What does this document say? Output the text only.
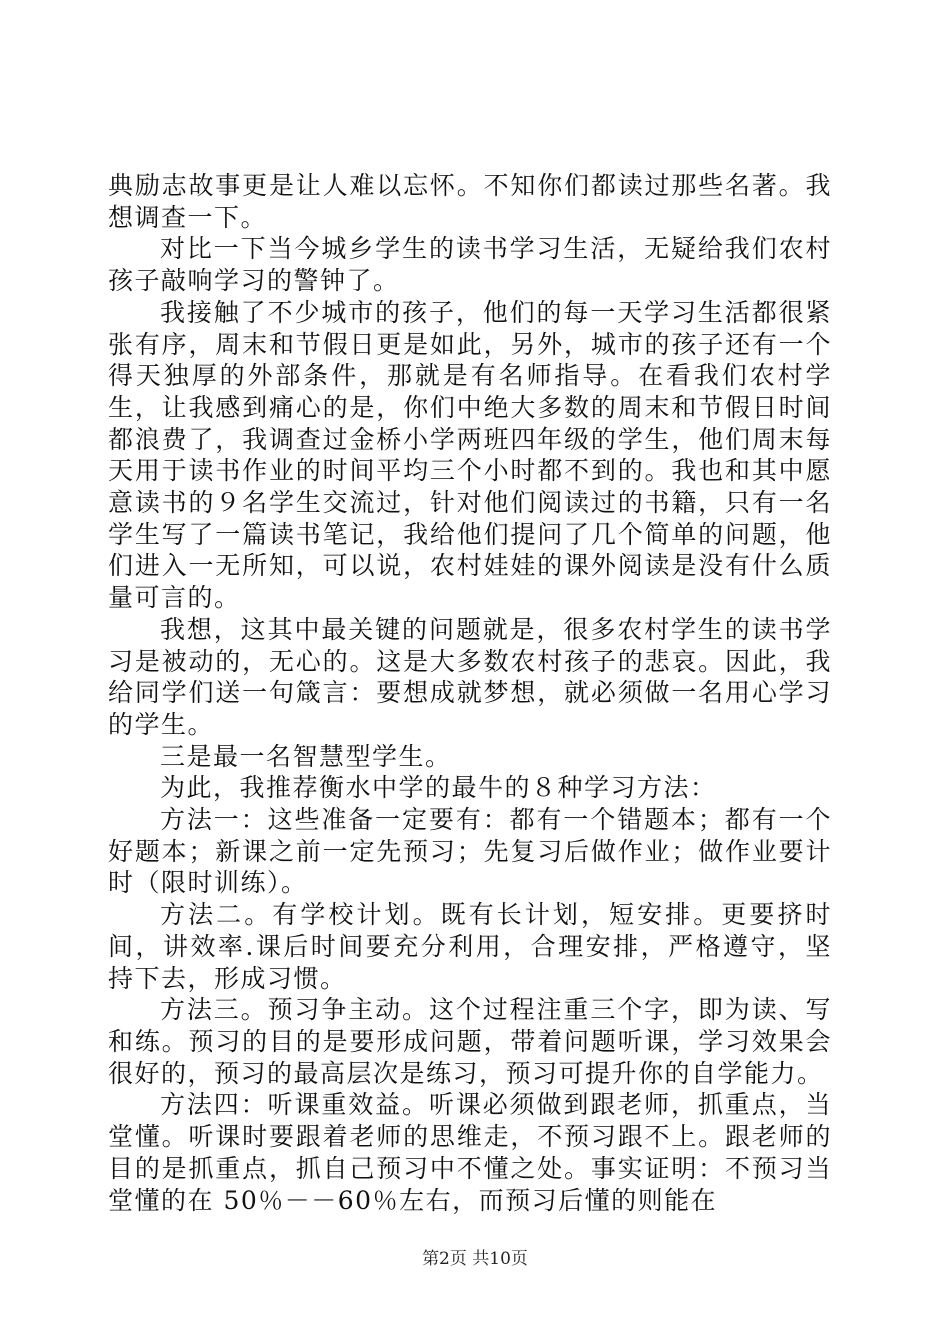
典励志故事更是让人难以忘怀。不知你们都读过那些名著。我想调查一下。

对比一下当今城乡学生的读书学习生活，无疑给我们农村孩子敲响学习的警钟了。

我接触了不少城市的孩子，他们的每一天学习生活都很紧张有序，周末和节假日更是如此，另外，城市的孩子还有一个得天独厚的外部条件，那就是有名师指导。在看我们农村学生，让我感到痛心的是，你们中绝大多数的周末和节假日时间都浪费了，我调查过金桥小学两班四年级的学生，他们周末每天用于读书作业的时间平均三个小时都不到的。我也和其中愿意读书的９名学生交流过，针对他们阅读过的书籍，只有一名学生写了一篇读书笔记，我给他们提问了几个简单的问题，他们进入一无所知，可以说，农村娃娃的课外阅读是没有什么质量可言的。

我想，这其中最关键的问题就是，很多农村学生的读书学习是被动的，无心的。这是大多数农村孩子的悲哀。因此，我给同学们送一句箴言：要想成就梦想，就必须做一名用心学习的学生。

三是最一名智慧型学生。

为此，我推荐衡水中学的最牛的８种学习方法：

方法一：这些准备一定要有：都有一个错题本；都有一个好题本；新课之前一定先预习；先复习后做作业；做作业要计时（限时训练）。

方法二。有学校计划。既有长计划，短安排。更要挤时间，讲效率.课后时间要充分利用，合理安排，严格遵守，坚持下去，形成习惯。

方法三。预习争主动。这个过程注重三个字，即为读、写和练。预习的目的是要形成问题，带着问题听课，学习效果会很好的，预习的最高层次是练习，预习可提升你的自学能力。

方法四：听课重效益。听课必须做到跟老师，抓重点，当堂懂。听课时要跟着老师的思维走，不预习跟不上。跟老师的目的是抓重点，抓自己预习中不懂之处。事实证明：不预习当堂懂的在 50％－－60％左右，而预习后懂的则能在

第2页 共10页
